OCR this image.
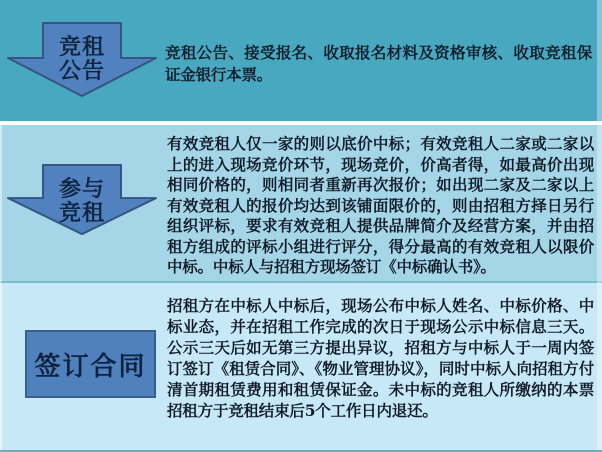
竞租
公告

竞租公告、接受报名、收取报名材料及资格审核、收取竞租保证金银行本票。

参与
竞租

有效竞租人仅一家的则以底价中标；有效竞租人二家或二家以上的进入现场竞价环节，现场竞价，价高者得，如最高价出现相同价格的，则相同者重新再次报价；如出现二家及二家以上有效竞租人的报价均达到该铺面限价的，则由招租方择日另行组织评标，要求有效竞租人提供品牌简介及经营方案，并由招租方组成的评标小组进行评分，得分最高的有效竞租人以限价中标。中标人与招租方现场签订《中标确认书》。

签订合同

招租方在中标人中标后，现场公布中标人姓名、中标价格、中标业态，并在招租工作完成的次日于现场公示中标信息三天。公示三天后如无第三方提出异议，招租方与中标人于一周内签订签订《租赁合同》、《物业管理协议》，同时中标人向招租方付清首期租赁费用和租赁保证金。未中标的竞租人所缴纳的本票招租方于竞租结束后5个工作日内退还。
